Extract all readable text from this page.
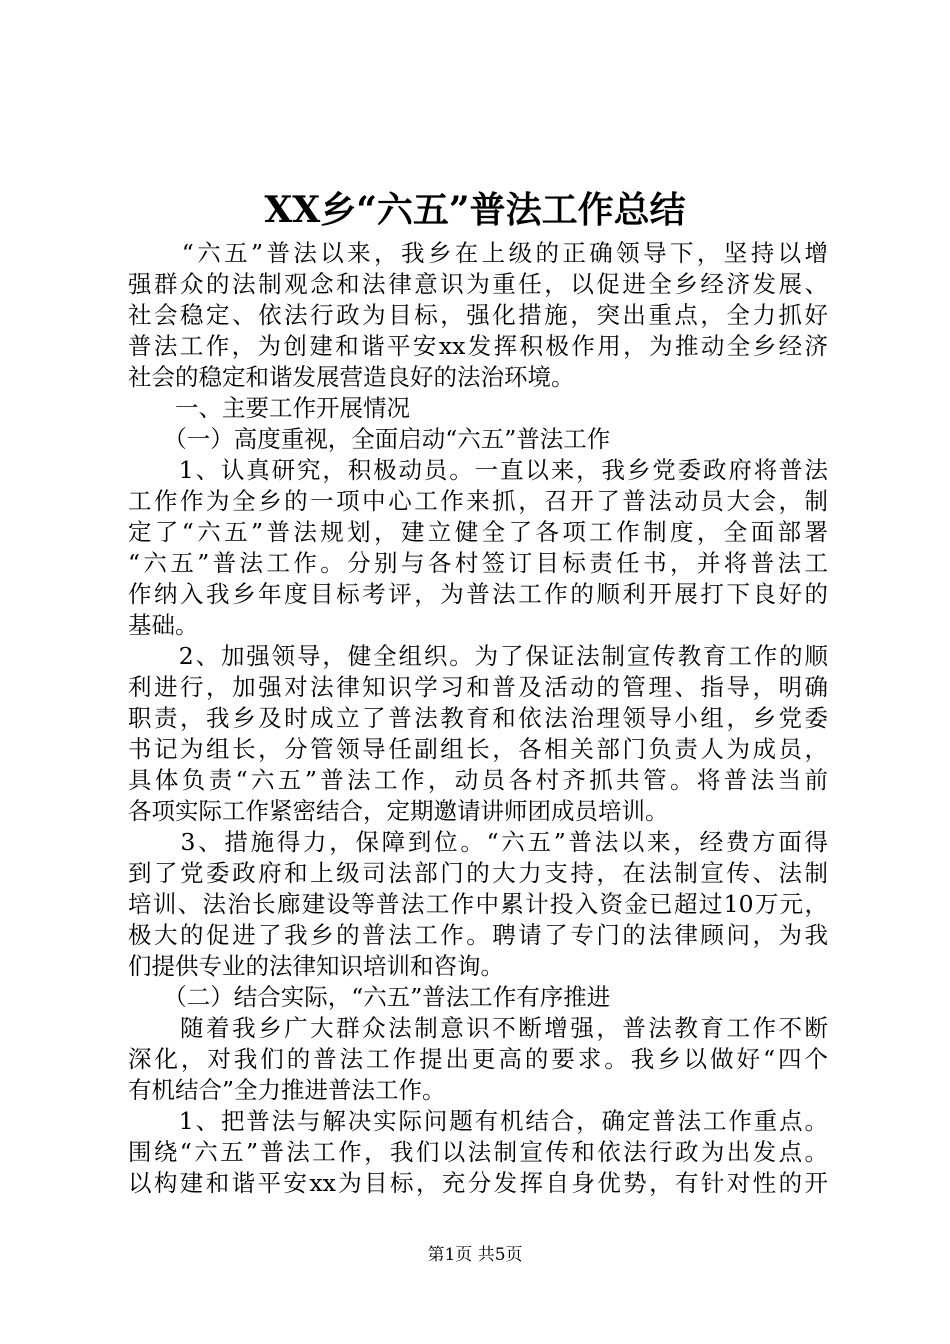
XX乡“六五”普法工作总结
　　“六五”普法以来，我乡在上级的正确领导下，坚持以增
强群众的法制观念和法律意识为重任，以促进全乡经济发展、
社会稳定、依法行政为目标，强化措施，突出重点，全力抓好
普法工作，为创建和谐平安xx发挥积极作用，为推动全乡经济
社会的稳定和谐发展营造良好的法治环境。
　　一、主要工作开展情况
　　（一）高度重视，全面启动“六五”普法工作
　　1、认真研究，积极动员。一直以来，我乡党委政府将普法
工作作为全乡的一项中心工作来抓，召开了普法动员大会，制
定了“六五”普法规划，建立健全了各项工作制度，全面部署
“六五”普法工作。分别与各村签订目标责任书，并将普法工
作纳入我乡年度目标考评，为普法工作的顺利开展打下良好的
基础。
　　2、加强领导，健全组织。为了保证法制宣传教育工作的顺
利进行，加强对法律知识学习和普及活动的管理、指导，明确
职责，我乡及时成立了普法教育和依法治理领导小组，乡党委
书记为组长，分管领导任副组长，各相关部门负责人为成员，
具体负责“六五”普法工作，动员各村齐抓共管。将普法当前
各项实际工作紧密结合，定期邀请讲师团成员培训。
　　3、措施得力，保障到位。“六五”普法以来，经费方面得
到了党委政府和上级司法部门的大力支持，在法制宣传、法制
培训、法治长廊建设等普法工作中累计投入资金已超过10万元，
极大的促进了我乡的普法工作。聘请了专门的法律顾问，为我
们提供专业的法律知识培训和咨询。
　　（二）结合实际，“六五”普法工作有序推进
　　随着我乡广大群众法制意识不断增强，普法教育工作不断
深化，对我们的普法工作提出更高的要求。我乡以做好“四个
有机结合”全力推进普法工作。
　　1、把普法与解决实际问题有机结合，确定普法工作重点。
围绕“六五”普法工作，我们以法制宣传和依法行政为出发点。
以构建和谐平安xx为目标，充分发挥自身优势，有针对性的开
第1页 共5页
